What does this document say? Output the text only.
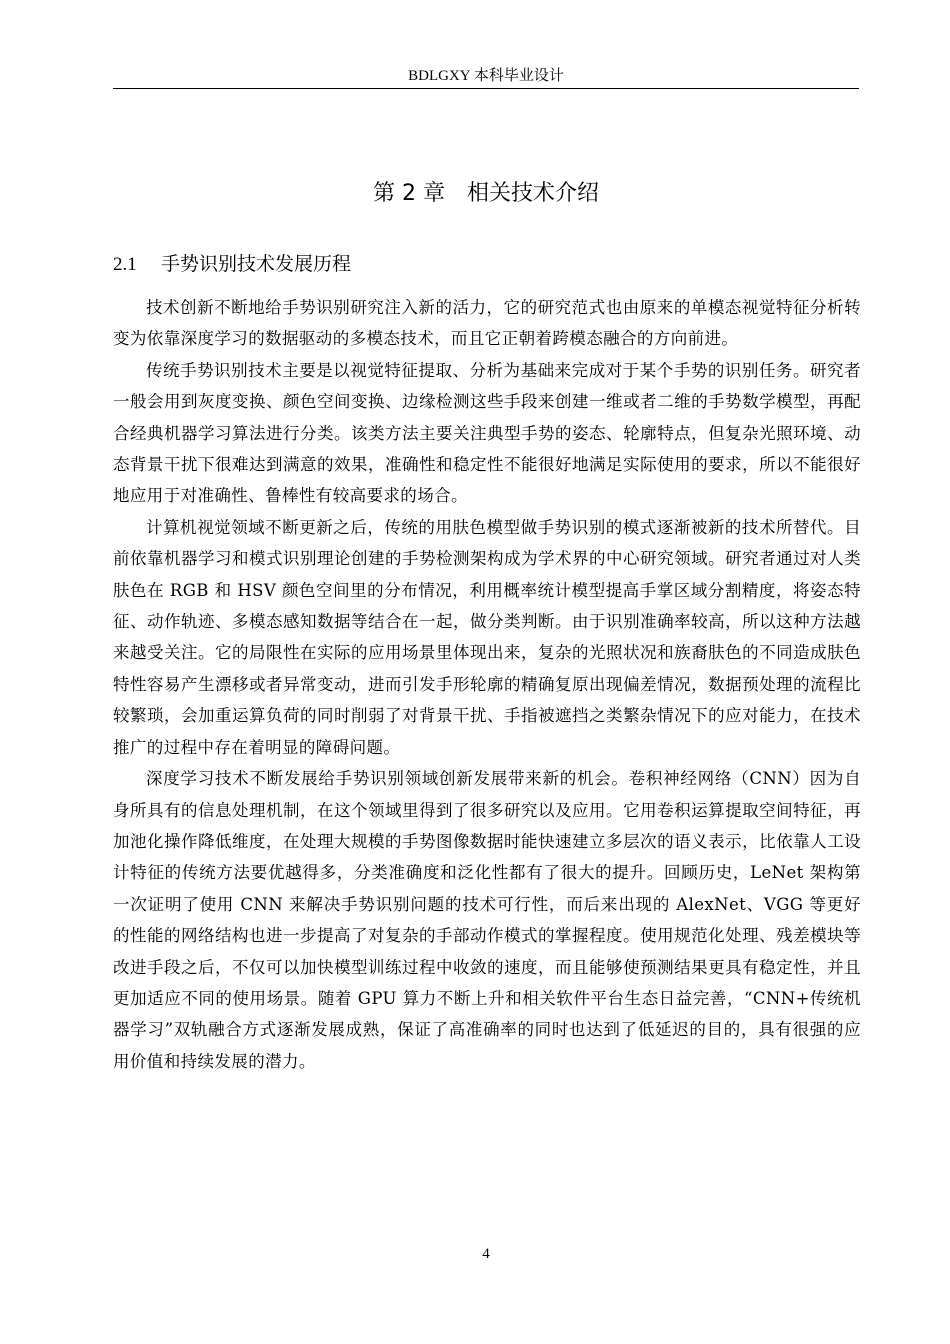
BDLGXY 本科毕业设计
第 2 章 相关技术介绍
2.1 手势识别技术发展历程

技术创新不断地给手势识别研究注入新的活力，它的研究范式也由原来的单模态视觉特征分析转变为依靠深度学习的数据驱动的多模态技术，而且它正朝着跨模态融合的方向前进。

传统手势识别技术主要是以视觉特征提取、分析为基础来完成对于某个手势的识别任务。研究者一般会用到灰度变换、颜色空间变换、边缘检测这些手段来创建一维或者二维的手势数学模型，再配合经典机器学习算法进行分类。该类方法主要关注典型手势的姿态、轮廓特点，但复杂光照环境、动态背景干扰下很难达到满意的效果，准确性和稳定性不能很好地满足实际使用的要求，所以不能很好地应用于对准确性、鲁棒性有较高要求的场合。

计算机视觉领域不断更新之后，传统的用肤色模型做手势识别的模式逐渐被新的技术所替代。目前依靠机器学习和模式识别理论创建的手势检测架构成为学术界的中心研究领域。研究者通过对人类肤色在 RGB 和 HSV 颜色空间里的分布情况，利用概率统计模型提高手掌区域分割精度，将姿态特征、动作轨迹、多模态感知数据等结合在一起，做分类判断。由于识别准确率较高，所以这种方法越来越受关注。它的局限性在实际的应用场景里体现出来，复杂的光照状况和族裔肤色的不同造成肤色特性容易产生漂移或者异常变动，进而引发手形轮廓的精确复原出现偏差情况，数据预处理的流程比较繁琐，会加重运算负荷的同时削弱了对背景干扰、手指被遮挡之类繁杂情况下的应对能力，在技术推广的过程中存在着明显的障碍问题。

深度学习技术不断发展给手势识别领域创新发展带来新的机会。卷积神经网络（CNN）因为自身所具有的信息处理机制，在这个领域里得到了很多研究以及应用。它用卷积运算提取空间特征，再加池化操作降低维度，在处理大规模的手势图像数据时能快速建立多层次的语义表示，比依靠人工设计特征的传统方法要优越得多，分类准确度和泛化性都有了很大的提升。回顾历史，LeNet 架构第一次证明了使用 CNN 来解决手势识别问题的技术可行性，而后来出现的 AlexNet、VGG 等更好的性能的网络结构也进一步提高了对复杂的手部动作模式的掌握程度。使用规范化处理、残差模块等改进手段之后，不仅可以加快模型训练过程中收敛的速度，而且能够使预测结果更具有稳定性，并且更加适应不同的使用场景。随着 GPU 算力不断上升和相关软件平台生态日益完善，“CNN+传统机器学习”双轨融合方式逐渐发展成熟，保证了高准确率的同时也达到了低延迟的目的，具有很强的应用价值和持续发展的潜力。

4
